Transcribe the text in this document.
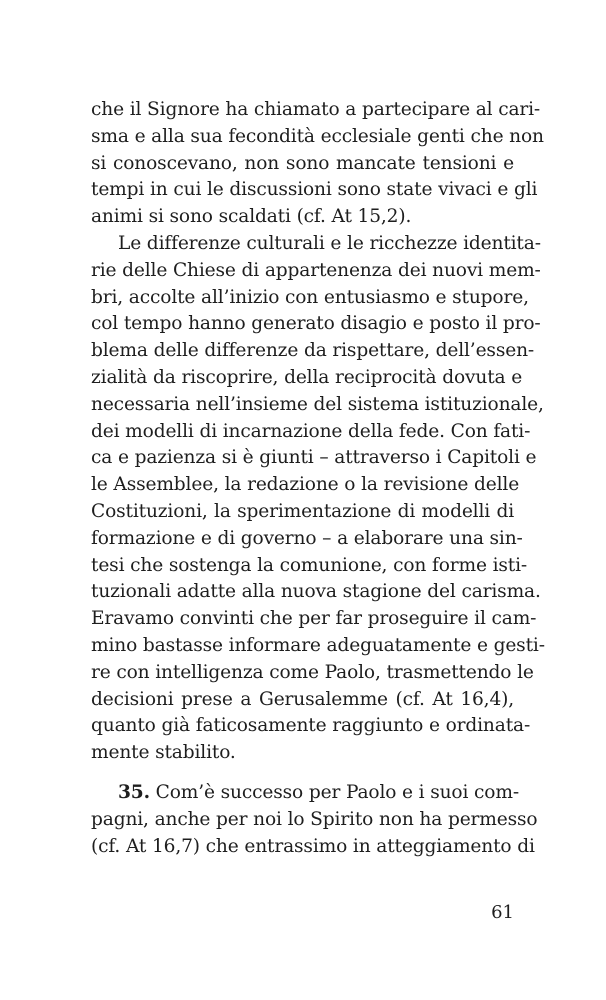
che il Signore ha chiamato a partecipare al cari-
sma e alla sua fecondità ecclesiale genti che non
si conoscevano, non sono mancate tensioni e
tempi in cui le discussioni sono state vivaci e gli
animi si sono scaldati (cf. At 15,2).
Le differenze culturali e le ricchezze identita-
rie delle Chiese di appartenenza dei nuovi mem-
bri, accolte all’inizio con entusiasmo e stupore,
col tempo hanno generato disagio e posto il pro-
blema delle differenze da rispettare, dell’essen-
zialità da riscoprire, della reciprocità dovuta e
necessaria nell’insieme del sistema istituzionale,
dei modelli di incarnazione della fede. Con fati-
ca e pazienza si è giunti – attraverso i Capitoli e
le Assemblee, la redazione o la revisione delle
Costituzioni, la sperimentazione di modelli di
formazione e di governo – a elaborare una sin-
tesi che sostenga la comunione, con forme isti-
tuzionali adatte alla nuova stagione del carisma.
Eravamo convinti che per far proseguire il cam-
mino bastasse informare adeguatamente e gesti-
re con intelligenza come Paolo, trasmettendo le
decisioni prese a Gerusalemme (cf. At 16,4),
quanto già faticosamente raggiunto e ordinata-
mente stabilito.
35. Com’è successo per Paolo e i suoi com-
pagni, anche per noi lo Spirito non ha permesso
(cf. At 16,7) che entrassimo in atteggiamento di
61
